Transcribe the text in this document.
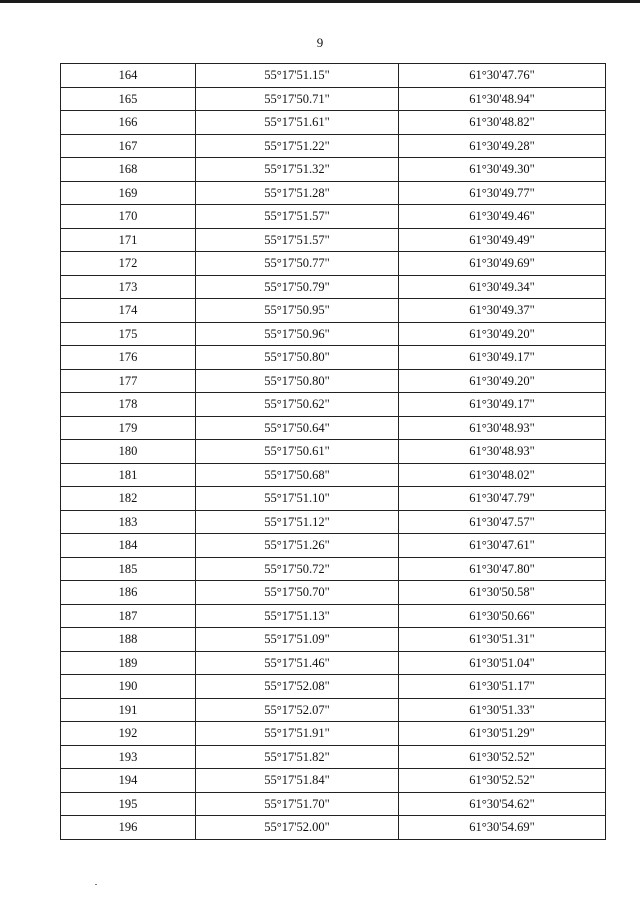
9
164	55°17'51.15"	61°30'47.76"
165	55°17'50.71"	61°30'48.94"
166	55°17'51.61"	61°30'48.82"
167	55°17'51.22"	61°30'49.28"
168	55°17'51.32"	61°30'49.30"
169	55°17'51.28"	61°30'49.77"
170	55°17'51.57"	61°30'49.46"
171	55°17'51.57"	61°30'49.49"
172	55°17'50.77"	61°30'49.69"
173	55°17'50.79"	61°30'49.34"
174	55°17'50.95"	61°30'49.37"
175	55°17'50.96"	61°30'49.20"
176	55°17'50.80"	61°30'49.17"
177	55°17'50.80"	61°30'49.20"
178	55°17'50.62"	61°30'49.17"
179	55°17'50.64"	61°30'48.93"
180	55°17'50.61"	61°30'48.93"
181	55°17'50.68"	61°30'48.02"
182	55°17'51.10"	61°30'47.79"
183	55°17'51.12"	61°30'47.57"
184	55°17'51.26"	61°30'47.61"
185	55°17'50.72"	61°30'47.80"
186	55°17'50.70"	61°30'50.58"
187	55°17'51.13"	61°30'50.66"
188	55°17'51.09"	61°30'51.31"
189	55°17'51.46"	61°30'51.04"
190	55°17'52.08"	61°30'51.17"
191	55°17'52.07"	61°30'51.33"
192	55°17'51.91"	61°30'51.29"
193	55°17'51.82"	61°30'52.52"
194	55°17'51.84"	61°30'52.52"
195	55°17'51.70"	61°30'54.62"
196	55°17'52.00"	61°30'54.69"
